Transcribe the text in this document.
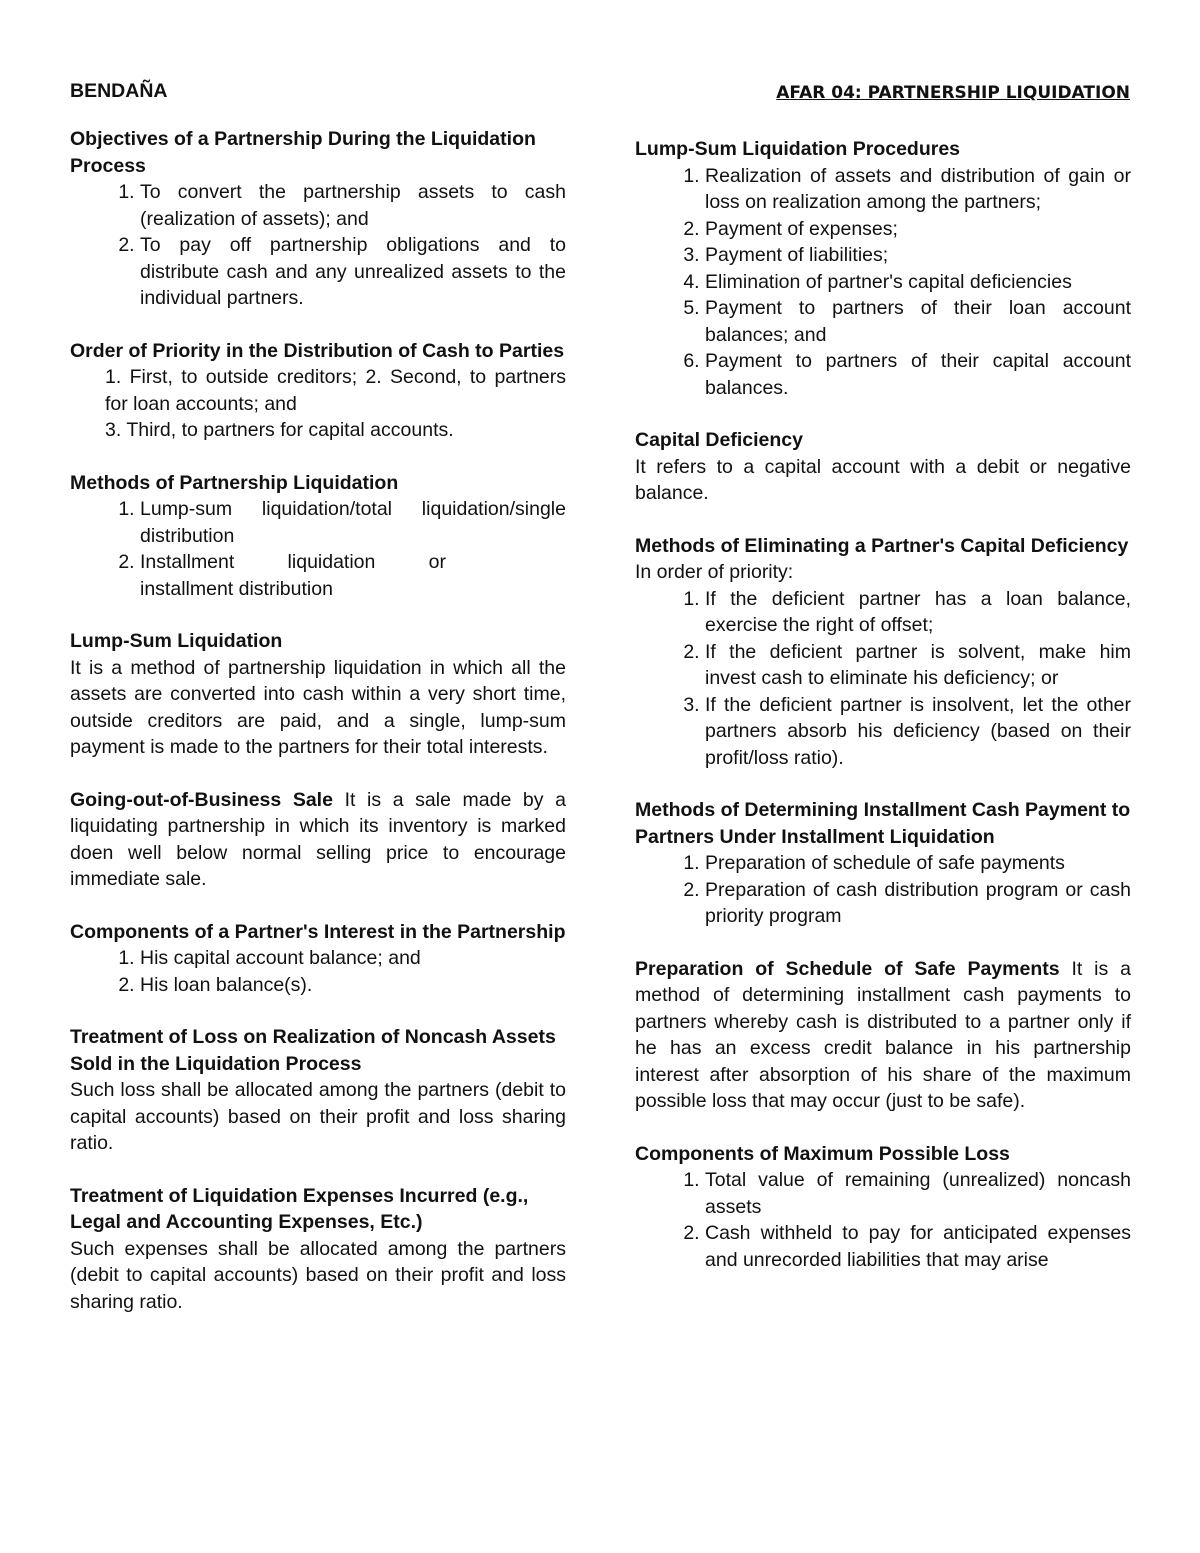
BENDAÑA	AFAR 04: PARTNERSHIP LIQUIDATION
Objectives of a Partnership During the Liquidation Process
1. To convert the partnership assets to cash (realization of assets); and
2. To pay off partnership obligations and to distribute cash and any unrealized assets to the individual partners.
Order of Priority in the Distribution of Cash to Parties
1. First, to outside creditors; 2. Second, to partners for loan accounts; and
3. Third, to partners for capital accounts.
Methods of Partnership Liquidation
1. Lump-sum liquidation/total liquidation/single distribution
2. Installment liquidation or installment distribution
Lump-Sum Liquidation
It is a method of partnership liquidation in which all the assets are converted into cash within a very short time, outside creditors are paid, and a single, lump-sum payment is made to the partners for their total interests.
Going-out-of-Business Sale It is a sale made by a liquidating partnership in which its inventory is marked doen well below normal selling price to encourage immediate sale.
Components of a Partner's Interest in the Partnership
1. His capital account balance; and
2. His loan balance(s).
Treatment of Loss on Realization of Noncash Assets Sold in the Liquidation Process
Such loss shall be allocated among the partners (debit to capital accounts) based on their profit and loss sharing ratio.
Treatment of Liquidation Expenses Incurred (e.g., Legal and Accounting Expenses, Etc.)
Such expenses shall be allocated among the partners (debit to capital accounts) based on their profit and loss sharing ratio.
Lump-Sum Liquidation Procedures
1. Realization of assets and distribution of gain or loss on realization among the partners;
2. Payment of expenses;
3. Payment of liabilities;
4. Elimination of partner's capital deficiencies
5. Payment to partners of their loan account balances; and
6. Payment to partners of their capital account balances.
Capital Deficiency
It refers to a capital account with a debit or negative balance.
Methods of Eliminating a Partner's Capital Deficiency
In order of priority:
1. If the deficient partner has a loan balance, exercise the right of offset;
2. If the deficient partner is solvent, make him invest cash to eliminate his deficiency; or
3. If the deficient partner is insolvent, let the other partners absorb his deficiency (based on their profit/loss ratio).
Methods of Determining Installment Cash Payment to Partners Under Installment Liquidation
1. Preparation of schedule of safe payments
2. Preparation of cash distribution program or cash priority program
Preparation of Schedule of Safe Payments It is a method of determining installment cash payments to partners whereby cash is distributed to a partner only if he has an excess credit balance in his partnership interest after absorption of his share of the maximum possible loss that may occur (just to be safe).
Components of Maximum Possible Loss
1. Total value of remaining (unrealized) noncash assets
2. Cash withheld to pay for anticipated expenses and unrecorded liabilities that may arise
